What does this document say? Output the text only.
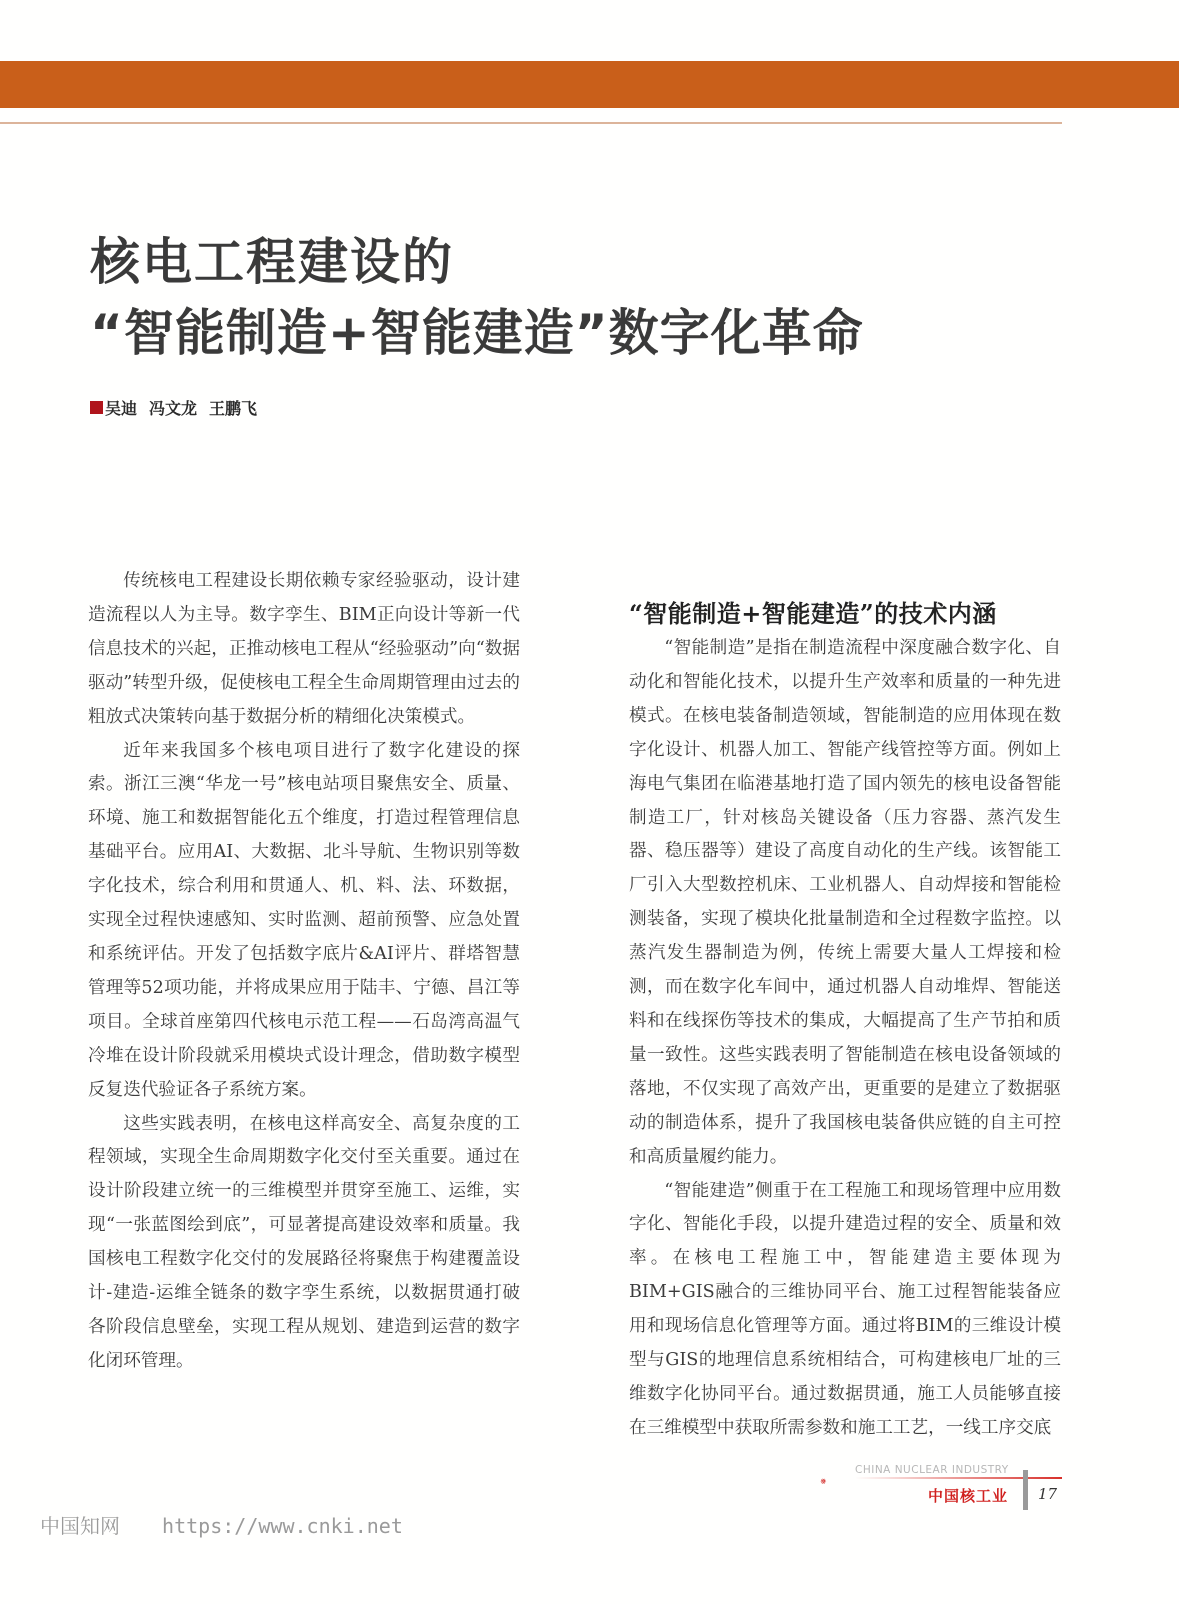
核电工程建设的
“智能制造+智能建造”数字化革命
吴迪 冯文龙 王鹏飞

传统核电工程建设长期依赖专家经验驱动，设计建造流程以人为主导。数字孪生、BIM正向设计等新一代信息技术的兴起，正推动核电工程从“经验驱动”向“数据驱动”转型升级，促使核电工程全生命周期管理由过去的粗放式决策转向基于数据分析的精细化决策模式。

近年来我国多个核电项目进行了数字化建设的探索。浙江三澳“华龙一号”核电站项目聚焦安全、质量、环境、施工和数据智能化五个维度，打造过程管理信息基础平台。应用AI、大数据、北斗导航、生物识别等数字化技术，综合利用和贯通人、机、料、法、环数据，实现全过程快速感知、实时监测、超前预警、应急处置和系统评估。开发了包括数字底片&AI评片、群塔智慧管理等52项功能，并将成果应用于陆丰、宁德、昌江等项目。全球首座第四代核电示范工程——石岛湾高温气冷堆在设计阶段就采用模块式设计理念，借助数字模型反复迭代验证各子系统方案。

这些实践表明，在核电这样高安全、高复杂度的工程领域，实现全生命周期数字化交付至关重要。通过在设计阶段建立统一的三维模型并贯穿至施工、运维，实现“一张蓝图绘到底”，可显著提高建设效率和质量。我国核电工程数字化交付的发展路径将聚焦于构建覆盖设计-建造-运维全链条的数字孪生系统，以数据贯通打破各阶段信息壁垒，实现工程从规划、建造到运营的数字化闭环管理。

“智能制造+智能建造”的技术内涵

“智能制造”是指在制造流程中深度融合数字化、自动化和智能化技术，以提升生产效率和质量的一种先进模式。在核电装备制造领域，智能制造的应用体现在数字化设计、机器人加工、智能产线管控等方面。例如上海电气集团在临港基地打造了国内领先的核电设备智能制造工厂，针对核岛关键设备（压力容器、蒸汽发生器、稳压器等）建设了高度自动化的生产线。该智能工厂引入大型数控机床、工业机器人、自动焊接和智能检测装备，实现了模块化批量制造和全过程数字监控。以蒸汽发生器制造为例，传统上需要大量人工焊接和检测，而在数字化车间中，通过机器人自动堆焊、智能送料和在线探伤等技术的集成，大幅提高了生产节拍和质量一致性。这些实践表明了智能制造在核电设备领域的落地，不仅实现了高效产出，更重要的是建立了数据驱动的制造体系，提升了我国核电装备供应链的自主可控和高质量履约能力。

“智能建造”侧重于在工程施工和现场管理中应用数字化、智能化手段，以提升建造过程的安全、质量和效率。在核电工程施工中，智能建造主要体现为BIM+GIS融合的三维协同平台、施工过程智能装备应用和现场信息化管理等方面。通过将BIM的三维设计模型与GIS的地理信息系统相结合，可构建核电厂址的三维数字化协同平台。通过数据贯通，施工人员能够直接在三维模型中获取所需参数和施工工艺，一线工序交底

CHINA NUCLEAR INDUSTRY
中国核工业 17
中国知网 https://www.cnki.net
